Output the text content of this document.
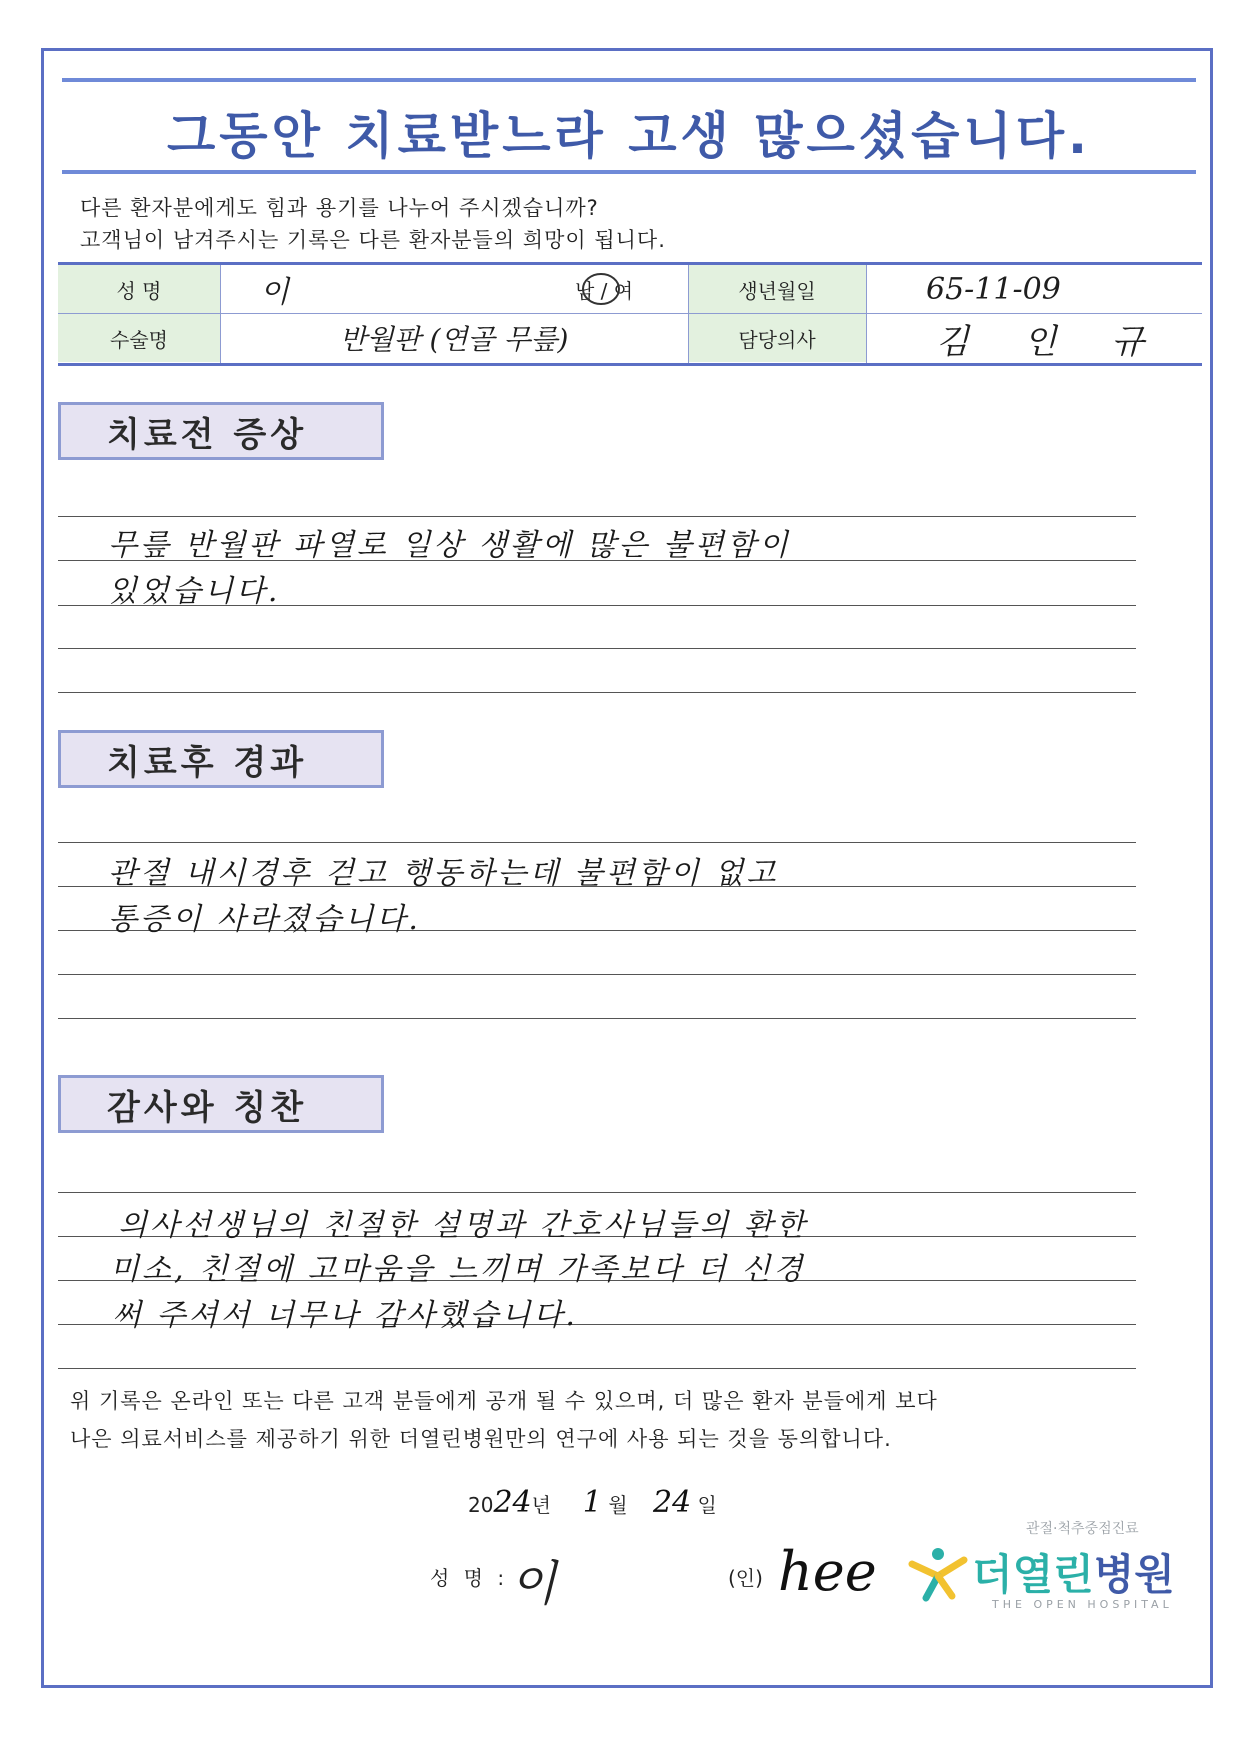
그동안 치료받느라 고생 많으셨습니다.
다른 환자분에게도 힘과 용기를 나누어 주시겠습니까?
고객님이 남겨주시는 기록은 다른 환자분들의 희망이 됩니다.
성 명	이	남 / 여	생년월일	65-11-09
수술명	반월판 (연골 무릎)	담당의사	김 인 규
치료전 증상
무릎 반월판 파열로 일상 생활에 많은 불편함이
있었습니다.
치료후 경과
관절 내시경후 걷고 행동하는데 불편함이 없고
통증이 사라졌습니다.
감사와 칭찬
의사선생님의 친절한 설명과 간호사님들의 환한
미소, 친절에 고마움을 느끼며 가족보다 더 신경
써 주셔서 너무나 감사했습니다.
위 기록은 온라인 또는 다른 고객 분들에게 공개 될 수 있으며, 더 많은 환자 분들에게 보다
나은 의료서비스를 제공하기 위한 더열린병원만의 연구에 사용 되는 것을 동의합니다.
2024년 1 월 24 일
성 명 : 이	(인) hee
관절·척추중점진료
더열린병원
THE OPEN HOSPITAL
